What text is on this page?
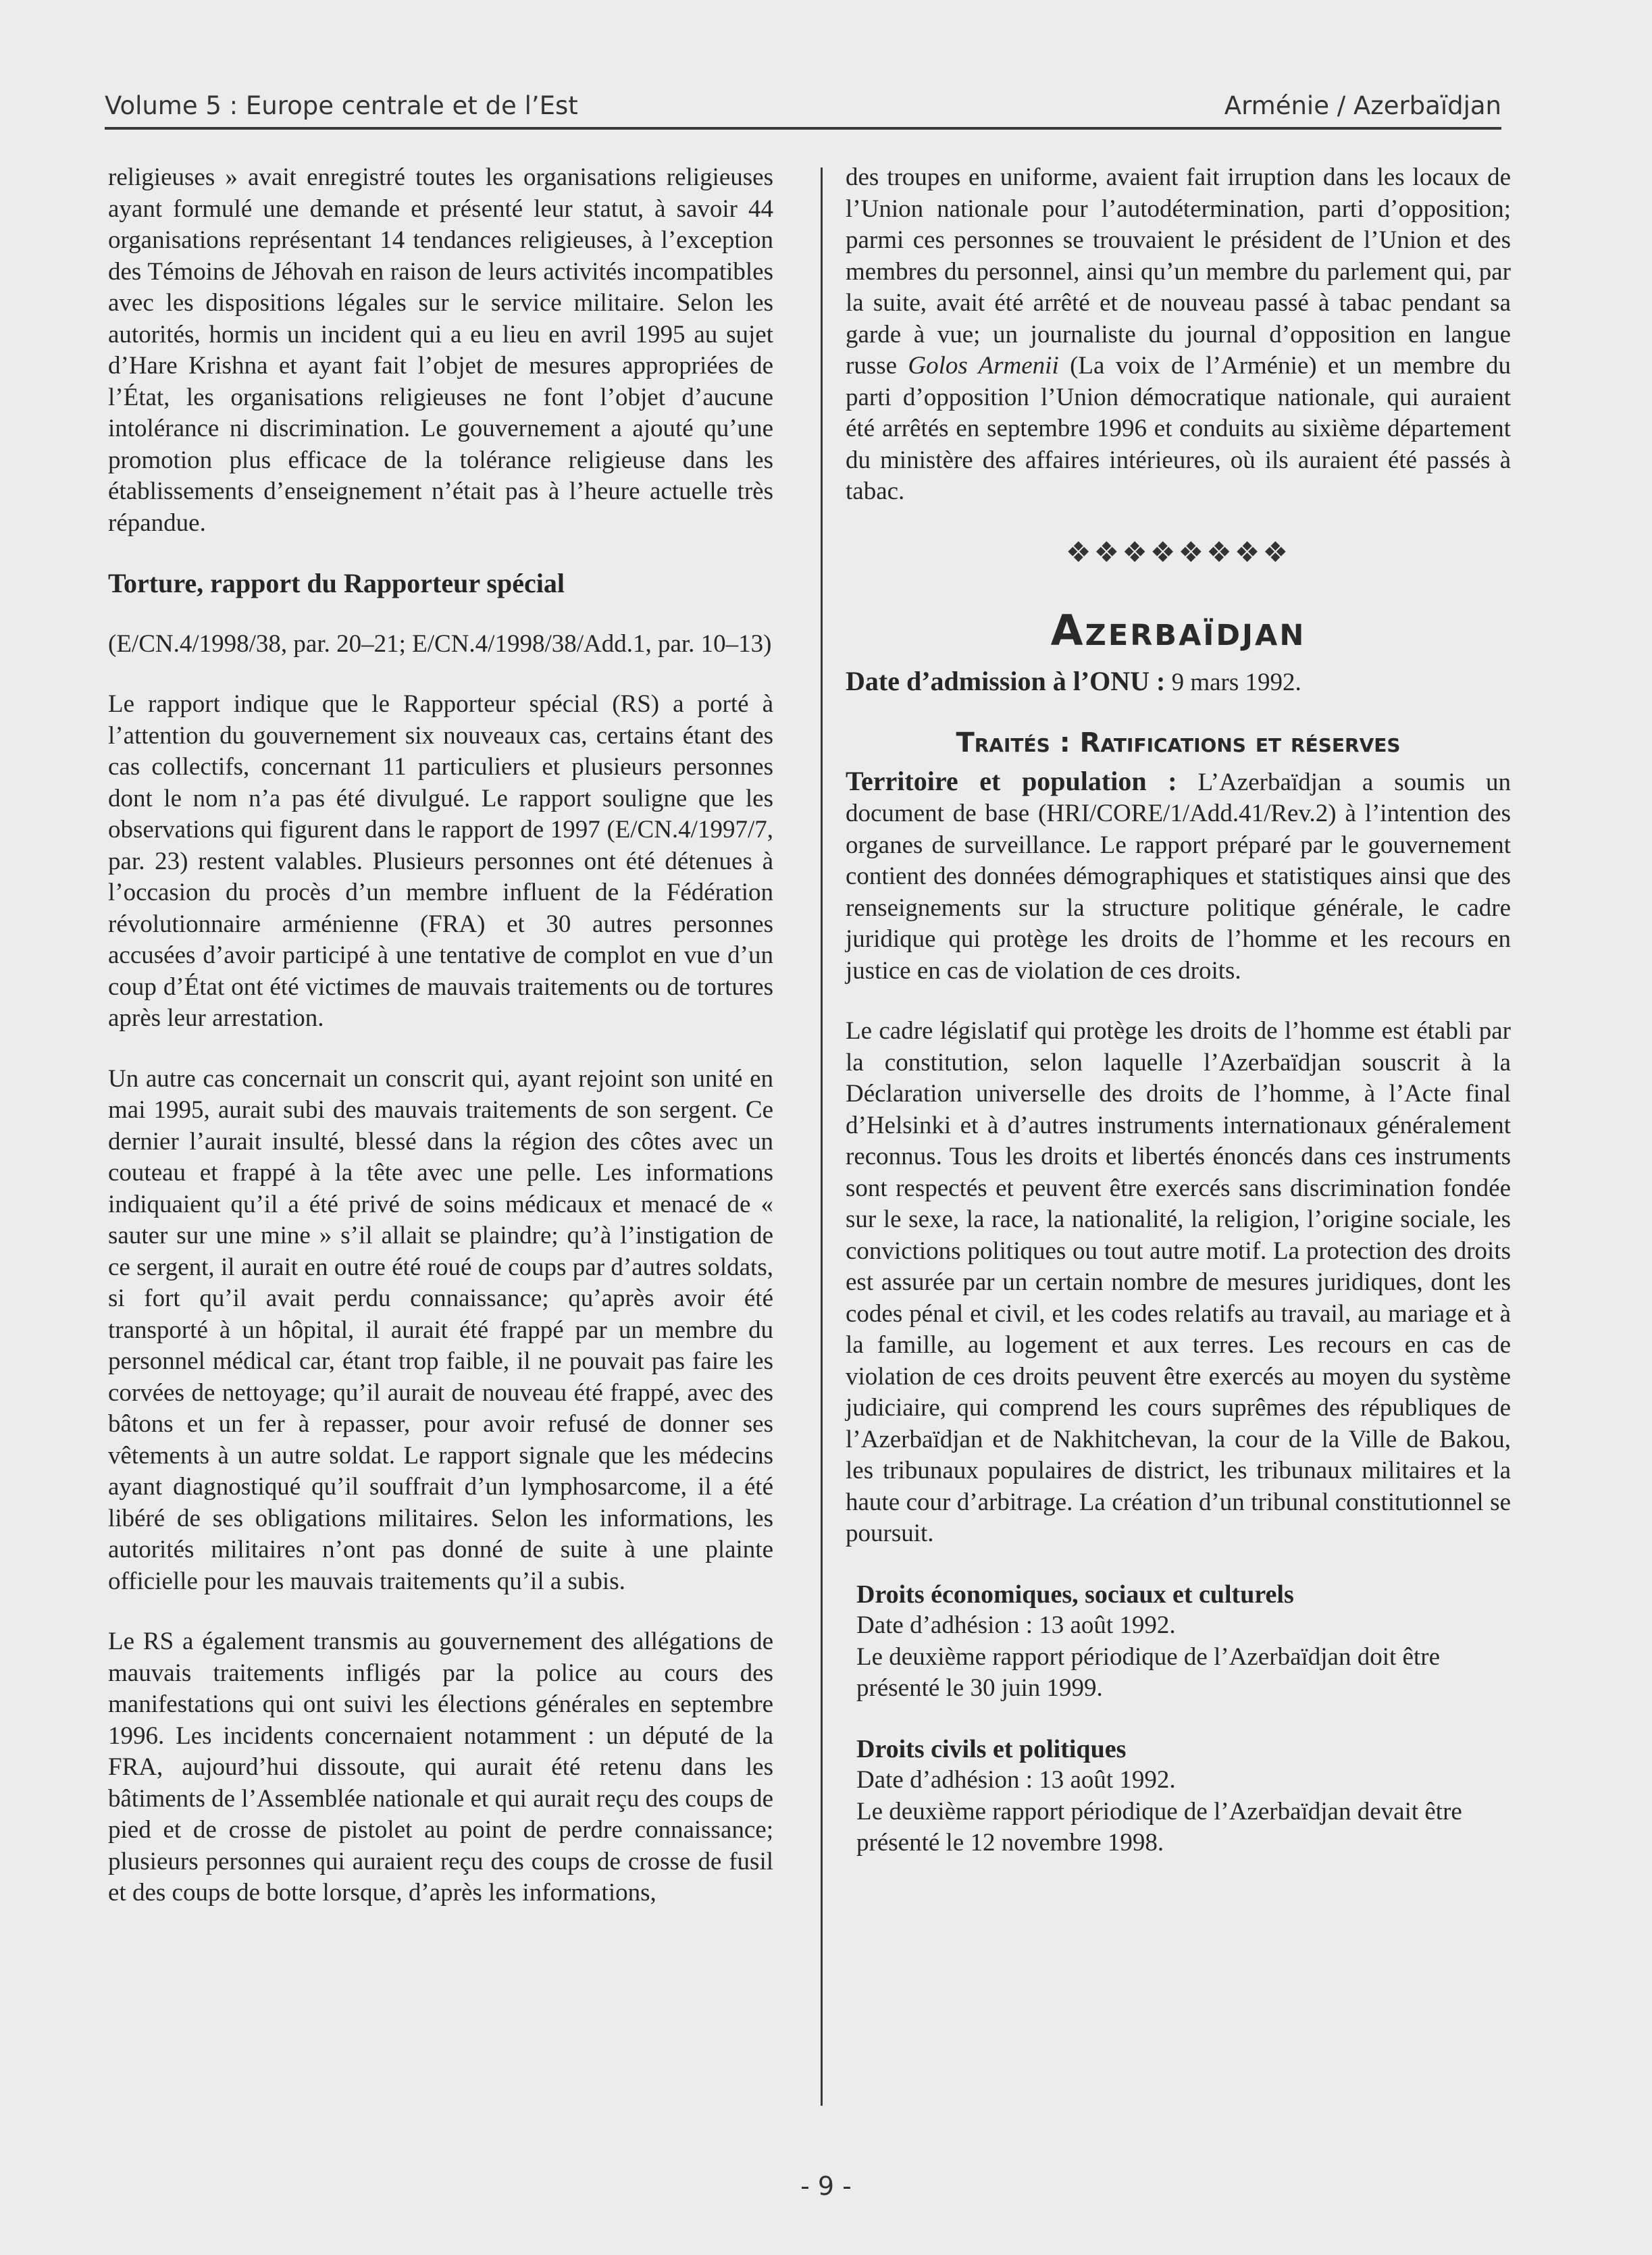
Volume 5 : Europe centrale et de l’Est	Arménie / Azerbaïdjan

religieuses » avait enregistré toutes les organisations religieuses ayant formulé une demande et présenté leur statut, à savoir 44 organisations représentant 14 tendances religieuses, à l’exception des Témoins de Jéhovah en raison de leurs activités incompatibles avec les dispositions légales sur le service militaire. Selon les autorités, hormis un incident qui a eu lieu en avril 1995 au sujet d’Hare Krishna et ayant fait l’objet de mesures appropriées de l’État, les organisations religieuses ne font l’objet d’aucune intolérance ni discrimination. Le gouvernement a ajouté qu’une promotion plus efficace de la tolérance religieuse dans les établissements d’enseignement n’était pas à l’heure actuelle très répandue.

Torture, rapport du Rapporteur spécial

(E/CN.4/1998/38, par. 20–21; E/CN.4/1998/38/Add.1, par. 10–13)

Le rapport indique que le Rapporteur spécial (RS) a porté à l’attention du gouvernement six nouveaux cas, certains étant des cas collectifs, concernant 11 particuliers et plusieurs personnes dont le nom n’a pas été divulgué. Le rapport souligne que les observations qui figurent dans le rapport de 1997 (E/CN.4/1997/7, par. 23) restent valables. Plusieurs personnes ont été détenues à l’occasion du procès d’un membre influent de la Fédération révolutionnaire arménienne (FRA) et 30 autres personnes accusées d’avoir participé à une tentative de complot en vue d’un coup d’État ont été victimes de mauvais traitements ou de tortures après leur arrestation.

Un autre cas concernait un conscrit qui, ayant rejoint son unité en mai 1995, aurait subi des mauvais traitements de son sergent. Ce dernier l’aurait insulté, blessé dans la région des côtes avec un couteau et frappé à la tête avec une pelle. Les informations indiquaient qu’il a été privé de soins médicaux et menacé de « sauter sur une mine » s’il allait se plaindre; qu’à l’instigation de ce sergent, il aurait en outre été roué de coups par d’autres soldats, si fort qu’il avait perdu connaissance; qu’après avoir été transporté à un hôpital, il aurait été frappé par un membre du personnel médical car, étant trop faible, il ne pouvait pas faire les corvées de nettoyage; qu’il aurait de nouveau été frappé, avec des bâtons et un fer à repasser, pour avoir refusé de donner ses vêtements à un autre soldat. Le rapport signale que les médecins ayant diagnostiqué qu’il souffrait d’un lymphosarcome, il a été libéré de ses obligations militaires. Selon les informations, les autorités militaires n’ont pas donné de suite à une plainte officielle pour les mauvais traitements qu’il a subis.

Le RS a également transmis au gouvernement des allégations de mauvais traitements infligés par la police au cours des manifestations qui ont suivi les élections générales en septembre 1996. Les incidents concernaient notamment : un député de la FRA, aujourd’hui dissoute, qui aurait été retenu dans les bâtiments de l’Assemblée nationale et qui aurait reçu des coups de pied et de crosse de pistolet au point de perdre connaissance; plusieurs personnes qui auraient reçu des coups de crosse de fusil et des coups de botte lorsque, d’après les informations,

des troupes en uniforme, avaient fait irruption dans les locaux de l’Union nationale pour l’autodétermination, parti d’opposition; parmi ces personnes se trouvaient le président de l’Union et des membres du personnel, ainsi qu’un membre du parlement qui, par la suite, avait été arrêté et de nouveau passé à tabac pendant sa garde à vue; un journaliste du journal d’opposition en langue russe Golos Armenii (La voix de l’Arménie) et un membre du parti d’opposition l’Union démocratique nationale, qui auraient été arrêtés en septembre 1996 et conduits au sixième département du ministère des affaires intérieures, où ils auraient été passés à tabac.

❖❖❖❖❖❖❖❖
Azerbaïdjan

Date d’admission à l’ONU : 9 mars 1992.

Traités : Ratifications et réserves

Territoire et population : L’Azerbaïdjan a soumis un document de base (HRI/CORE/1/Add.41/Rev.2) à l’intention des organes de surveillance. Le rapport préparé par le gouvernement contient des données démographiques et statistiques ainsi que des renseignements sur la structure politique générale, le cadre juridique qui protège les droits de l’homme et les recours en justice en cas de violation de ces droits.

Le cadre législatif qui protège les droits de l’homme est établi par la constitution, selon laquelle l’Azerbaïdjan souscrit à la Déclaration universelle des droits de l’homme, à l’Acte final d’Helsinki et à d’autres instruments internationaux généralement reconnus. Tous les droits et libertés énoncés dans ces instruments sont respectés et peuvent être exercés sans discrimination fondée sur le sexe, la race, la nationalité, la religion, l’origine sociale, les convictions politiques ou tout autre motif. La protection des droits est assurée par un certain nombre de mesures juridiques, dont les codes pénal et civil, et les codes relatifs au travail, au mariage et à la famille, au logement et aux terres. Les recours en cas de violation de ces droits peuvent être exercés au moyen du système judiciaire, qui comprend les cours suprêmes des républiques de l’Azerbaïdjan et de Nakhitchevan, la cour de la Ville de Bakou, les tribunaux populaires de district, les tribunaux militaires et la haute cour d’arbitrage. La création d’un tribunal constitutionnel se poursuit.

Droits économiques, sociaux et culturels
Date d’adhésion : 13 août 1992.
Le deuxième rapport périodique de l’Azerbaïdjan doit être présenté le 30 juin 1999.
Droits civils et politiques
Date d’adhésion : 13 août 1992.
Le deuxième rapport périodique de l’Azerbaïdjan devait être présenté le 12 novembre 1998.
- 9 -
